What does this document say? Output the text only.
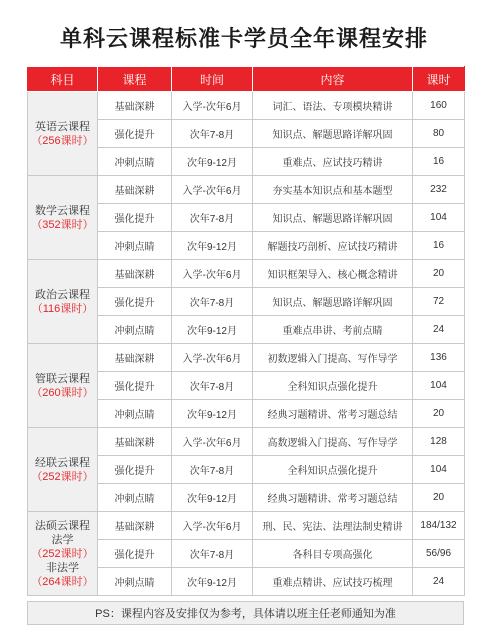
单科云课程标准卡学员全年课程安排
科目	课程	时间	内容	课时
英语云课程
（256课时）	基础深耕	入学-次年6月	词汇、语法、专项模块精讲	160
	强化提升	次年7-8月	知识点、解题思路详解巩固	80
	冲刺点睛	次年9-12月	重难点、应试技巧精讲	16
数学云课程
（352课时）	基础深耕	入学-次年6月	夯实基本知识点和基本题型	232
	强化提升	次年7-8月	知识点、解题思路详解巩固	104
	冲刺点睛	次年9-12月	解题技巧剖析、应试技巧精讲	16
政治云课程
（116课时）	基础深耕	入学-次年6月	知识框架导入、核心概念精讲	20
	强化提升	次年7-8月	知识点、解题思路详解巩固	72
	冲刺点睛	次年9-12月	重难点串讲、考前点睛	24
管联云课程
（260课时）	基础深耕	入学-次年6月	初数逻辑入门提高、写作导学	136
	强化提升	次年7-8月	全科知识点强化提升	104
	冲刺点睛	次年9-12月	经典习题精讲、常考习题总结	20
经联云课程
（252课时）	基础深耕	入学-次年6月	高数逻辑入门提高、写作导学	128
	强化提升	次年7-8月	全科知识点强化提升	104
	冲刺点睛	次年9-12月	经典习题精讲、常考习题总结	20

法硕云课程
法学
（252课时）
非法学
（264课时）	基础深耕	入学-次年6月	刑、民、宪法、法理法制史精讲	184/132
	强化提升	次年7-8月	各科目专项高强化	56/96
	冲刺点睛	次年9-12月	重难点精讲、应试技巧梳理	24
PS：课程内容及安排仅为参考，具体请以班主任老师通知为准
